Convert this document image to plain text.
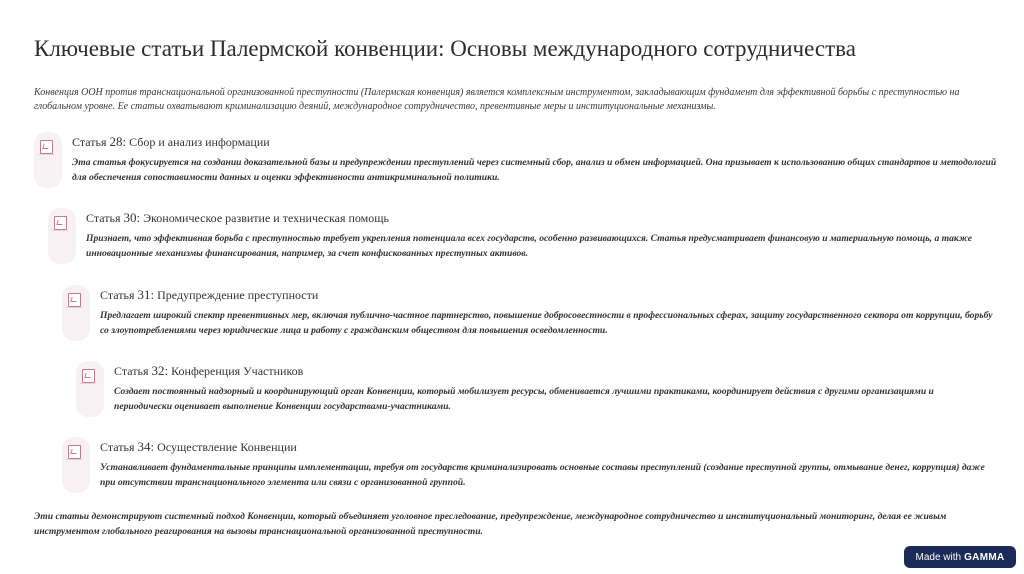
Ключевые статьи Палермской конвенции: Основы международного сотрудничества
Конвенция ООН против транснациональной организованной преступности (Палермская конвенция) является комплексным инструментом, закладывающим фундамент для эффективной борьбы с преступностью на глобальном уровне. Ее статьи охватывают криминализацию деяний, международное сотрудничество, превентивные меры и институциональные механизмы.
Статья 28: Сбор и анализ информации
Эта статья фокусируется на создании доказательной базы и предупреждении преступлений через системный сбор, анализ и обмен информацией. Она призывает к использованию общих стандартов и методологий для обеспечения сопоставимости данных и оценки эффективности антикриминальной политики.
Статья 30: Экономическое развитие и техническая помощь
Признает, что эффективная борьба с преступностью требует укрепления потенциала всех государств, особенно развивающихся. Статья предусматривает финансовую и материальную помощь, а также инновационные механизмы финансирования, например, за счет конфискованных преступных активов.
Статья 31: Предупреждение преступности
Предлагает широкий спектр превентивных мер, включая публично-частное партнерство, повышение добросовестности в профессиональных сферах, защиту государственного сектора от коррупции, борьбу со злоупотреблениями через юридические лица и работу с гражданским обществом для повышения осведомленности.
Статья 32: Конференция Участников
Создает постоянный надзорный и координирующий орган Конвенции, который мобилизует ресурсы, обменивается лучшими практиками, координирует действия с другими организациями и периодически оценивает выполнение Конвенции государствами-участниками.
Статья 34: Осуществление Конвенции
Устанавливает фундаментальные принципы имплементации, требуя от государств криминализировать основные составы преступлений (создание преступной группы, отмывание денег, коррупция) даже при отсутствии транснационального элемента или связи с организованной группой.
Эти статьи демонстрируют системный подход Конвенции, который объединяет уголовное преследование, предупреждение, международное сотрудничество и институциональный мониторинг, делая ее живым инструментом глобального реагирования на вызовы транснациональной организованной преступности.
Made with GAMMA
